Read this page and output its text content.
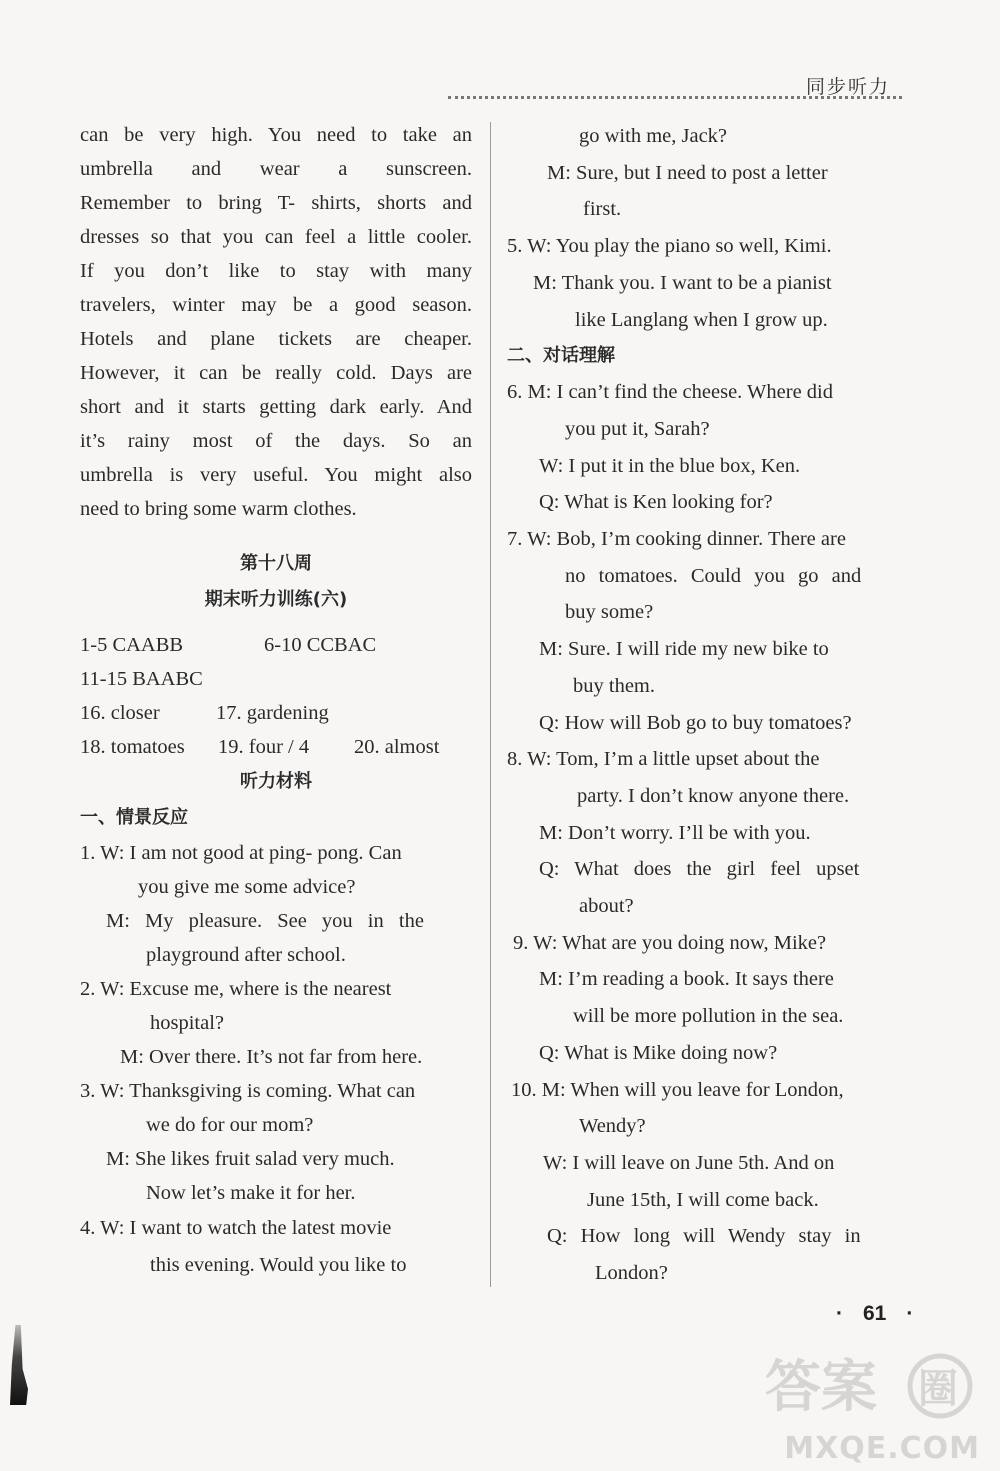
同步听力
can be very high. You need to take an
umbrella and wear a sunscreen.
Remember to bring T- shirts, shorts and
dresses so that you can feel a little cooler.
If you don’t like to stay with many
travelers, winter may be a good season.
Hotels and plane tickets are cheaper.
However, it can be really cold. Days are
short and it starts getting dark early. And
it’s rainy most of the days. So an
umbrella is very useful. You might also
need to bring some warm clothes.
第十八周
期末听力训练(六)
1-5 CAABB	6-10 CCBAC
11-15 BAABC
16. closer	17. gardening
18. tomatoes	19. four / 4	20. almost
听力材料
一、情景反应
1. W: I am not good at ping- pong. Can
you give me some advice?
M: My pleasure. See you in the
playground after school.
2. W: Excuse me, where is the nearest
hospital?
M: Over there. It’s not far from here.
3. W: Thanksgiving is coming. What can
we do for our mom?
M: She likes fruit salad very much.
Now let’s make it for her.
4. W: I want to watch the latest movie
this evening. Would you like to
go with me, Jack?
M: Sure, but I need to post a letter
first.
5. W: You play the piano so well, Kimi.
M: Thank you. I want to be a pianist
like Langlang when I grow up.
二、对话理解
6. M: I can’t find the cheese. Where did
you put it, Sarah?
W: I put it in the blue box, Ken.
Q: What is Ken looking for?
7. W: Bob, I’m cooking dinner. There are
no tomatoes. Could you go and
buy some?
M: Sure. I will ride my new bike to
buy them.
Q: How will Bob go to buy tomatoes?
8. W: Tom, I’m a little upset about the
party. I don’t know anyone there.
M: Don’t worry. I’ll be with you.
Q: What does the girl feel upset
about?
9. W: What are you doing now, Mike?
M: I’m reading a book. It says there
will be more pollution in the sea.
Q: What is Mike doing now?
10. M: When will you leave for London,
Wendy?
W: I will leave on June 5th. And on
June 15th, I will come back.
Q: How long will Wendy stay in
London?
· 61 ·
答案 圈
MXQE.COM
